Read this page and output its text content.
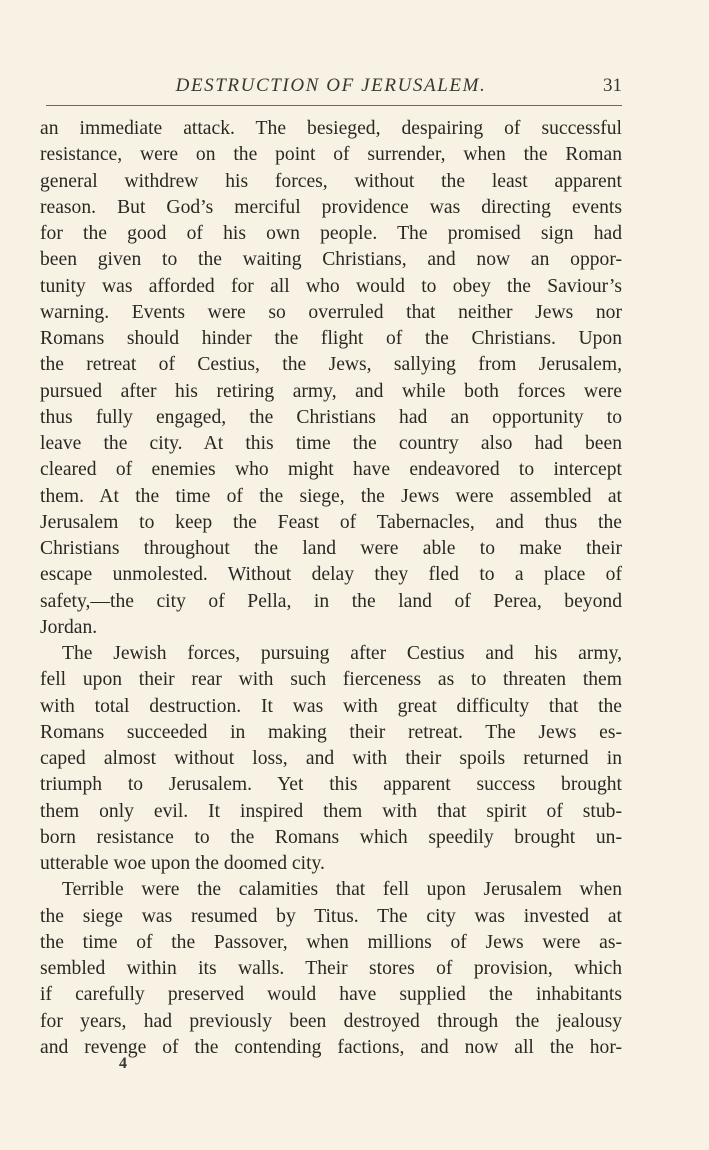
DESTRUCTION OF JERUSALEM.	31
an immediate attack. The besieged, despairing of successful
resistance, were on the point of surrender, when the Roman
general withdrew his forces, without the least apparent
reason. But God’s merciful providence was directing events
for the good of his own people. The promised sign had
been given to the waiting Christians, and now an oppor-
tunity was afforded for all who would to obey the Saviour’s
warning. Events were so overruled that neither Jews nor
Romans should hinder the flight of the Christians. Upon
the retreat of Cestius, the Jews, sallying from Jerusalem,
pursued after his retiring army, and while both forces were
thus fully engaged, the Christians had an opportunity to
leave the city. At this time the country also had been
cleared of enemies who might have endeavored to intercept
them. At the time of the siege, the Jews were assembled at
Jerusalem to keep the Feast of Tabernacles, and thus the
Christians throughout the land were able to make their
escape unmolested. Without delay they fled to a place of
safety,—the city of Pella, in the land of Perea, beyond
Jordan.
The Jewish forces, pursuing after Cestius and his army,
fell upon their rear with such fierceness as to threaten them
with total destruction. It was with great difficulty that the
Romans succeeded in making their retreat. The Jews es-
caped almost without loss, and with their spoils returned in
triumph to Jerusalem. Yet this apparent success brought
them only evil. It inspired them with that spirit of stub-
born resistance to the Romans which speedily brought un-
utterable woe upon the doomed city.
Terrible were the calamities that fell upon Jerusalem when
the siege was resumed by Titus. The city was invested at
the time of the Passover, when millions of Jews were as-
sembled within its walls. Their stores of provision, which
if carefully preserved would have supplied the inhabitants
for years, had previously been destroyed through the jealousy
and revenge of the contending factions, and now all the hor-
4
